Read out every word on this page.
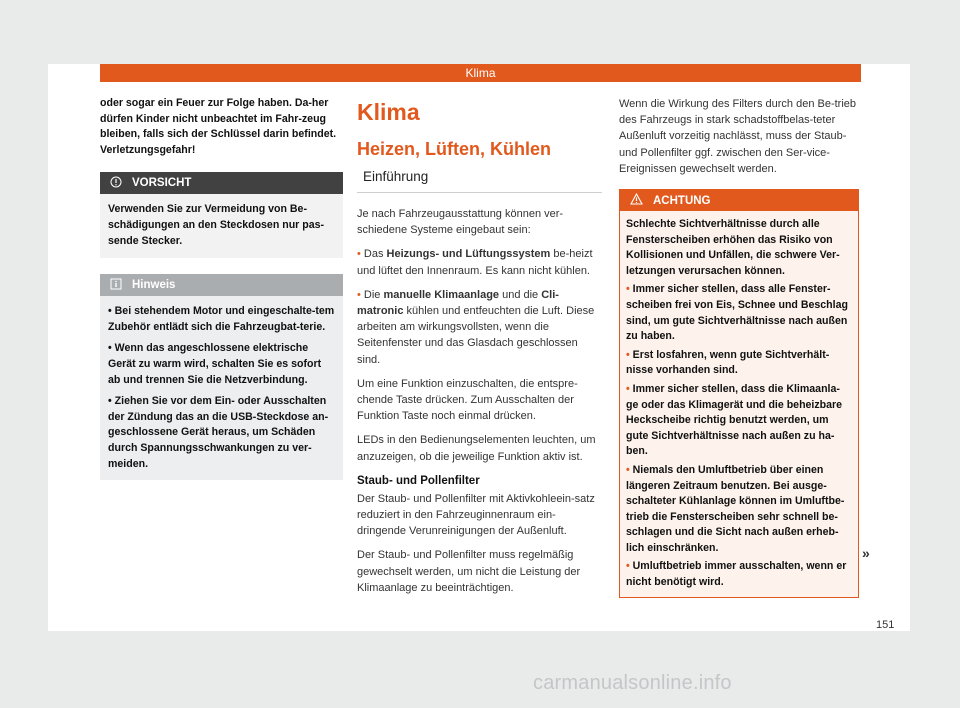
Klima

oder sogar ein Feuer zur Folge haben. Da-her dürfen Kinder nicht unbeachtet im Fahr-zeug bleiben, falls sich der Schlüssel darin befindet. Verletzungsgefahr!

VORSICHT

Verwenden Sie zur Vermeidung von Be-schädigungen an den Steckdosen nur pas-sende Stecker.

Hinweis

• Bei stehendem Motor und eingeschalte-tem Zubehör entlädt sich die Fahrzeugbat-terie.

• Wenn das angeschlossene elektrische Gerät zu warm wird, schalten Sie es sofort ab und trennen Sie die Netzverbindung.

• Ziehen Sie vor dem Ein- oder Ausschalten der Zündung das an die USB-Steckdose an-geschlossene Gerät heraus, um Schäden durch Spannungsschwankungen zu ver-meiden.

Klima
Heizen, Lüften, Kühlen
Einführung

Je nach Fahrzeugausstattung können ver-schiedene Systeme eingebaut sein:

• Das Heizungs- und Lüftungssystem be-heizt und lüftet den Innenraum. Es kann nicht kühlen.

• Die manuelle Klimaanlage und die Cli-matronic kühlen und entfeuchten die Luft. Diese arbeiten am wirkungsvollsten, wenn die Seitenfenster und das Glasdach geschlossen sind.

Um eine Funktion einzuschalten, die entspre-chende Taste drücken. Zum Ausschalten der Funktion Taste noch einmal drücken.

LEDs in den Bedienungselementen leuchten, um anzuzeigen, ob die jeweilige Funktion aktiv ist.

Staub- und Pollenfilter

Der Staub- und Pollenfilter mit Aktivkohleein-satz reduziert in den Fahrzeuginnenraum ein-dringende Verunreinigungen der Außenluft.

Der Staub- und Pollenfilter muss regelmäßig gewechselt werden, um nicht die Leistung der Klimaanlage zu beeinträchtigen.

Wenn die Wirkung des Filters durch den Be-trieb des Fahrzeugs in stark schadstoffbelas-teter Außenluft vorzeitig nachlässt, muss der Staub- und Pollenfilter ggf. zwischen den Ser-vice-Ereignissen gewechselt werden.

ACHTUNG

Schlechte Sichtverhältnisse durch alle Fensterscheiben erhöhen das Risiko von Kollisionen und Unfällen, die schwere Ver-letzungen verursachen können.

• Immer sicher stellen, dass alle Fenster-scheiben frei von Eis, Schnee und Beschlag sind, um gute Sichtverhältnisse nach außen zu haben.

• Erst losfahren, wenn gute Sichtverhält-nisse vorhanden sind.

• Immer sicher stellen, dass die Klimaanla-ge oder das Klimagerät und die beheizbare Heckscheibe richtig benutzt werden, um gute Sichtverhältnisse nach außen zu ha-ben.

• Niemals den Umluftbetrieb über einen längeren Zeitraum benutzen. Bei ausge-schalteter Kühlanlage können im Umluftbe-trieb die Fensterscheiben sehr schnell be-schlagen und die Sicht nach außen erheb-lich einschränken.

• Umluftbetrieb immer ausschalten, wenn er nicht benötigt wird.

»
151
carmanualsonline.info
